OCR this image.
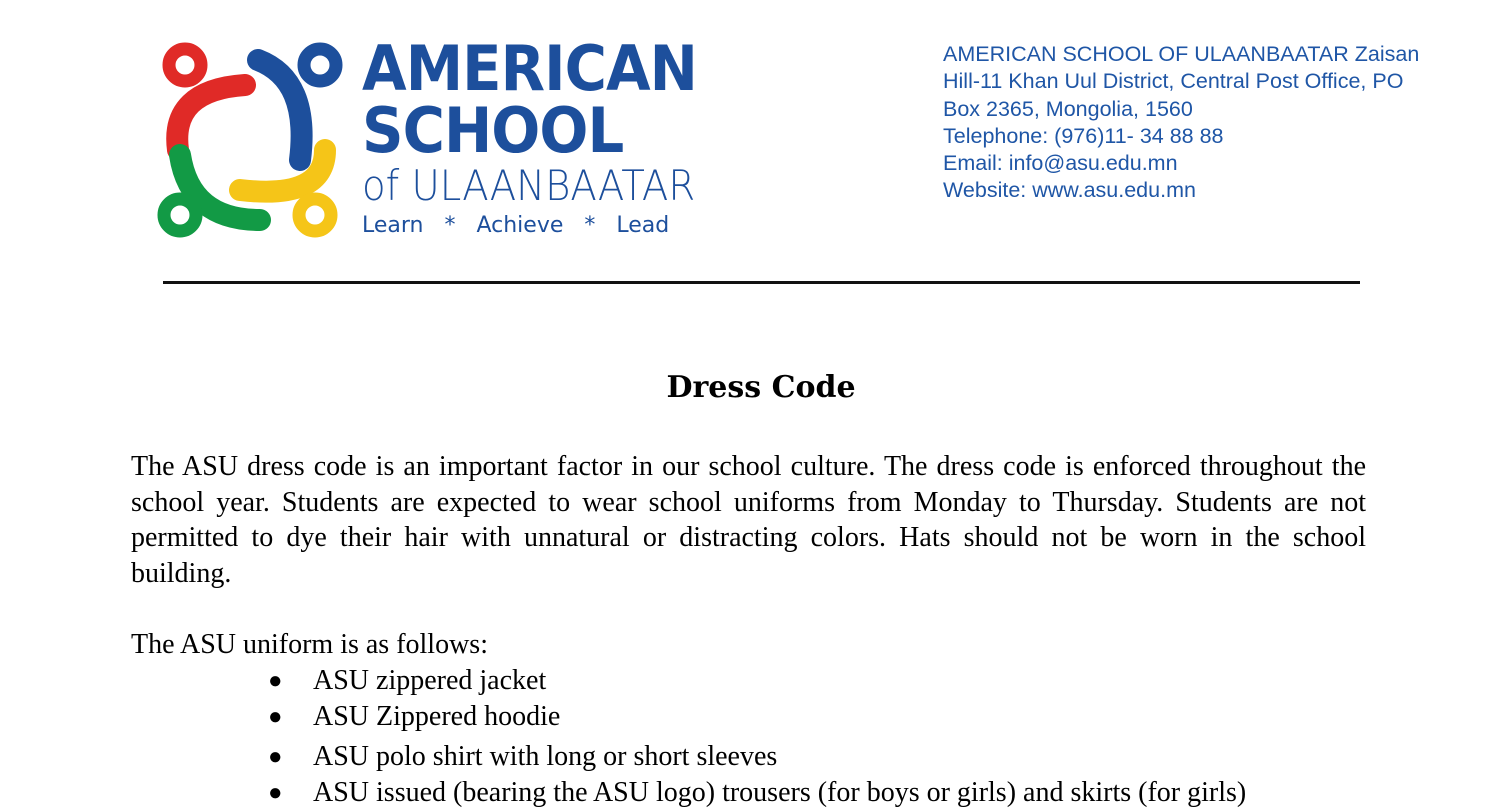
AMERICAN
SCHOOL
of ULAANBAATAR
Learn * Achieve * Lead
AMERICAN SCHOOL OF ULAANBAATAR Zaisan
Hill-11 Khan Uul District, Central Post Office, PO
Box 2365, Mongolia, 1560
Telephone: (976)11- 34 88 88
Email: info@asu.edu.mn
Website: www.asu.edu.mn
Dress Code
The ASU dress code is an important factor in our school culture. The dress code is enforced throughout the school year. Students are expected to wear school uniforms from Monday to Thursday. Students are not permitted to dye their hair with unnatural or distracting colors. Hats should not be worn in the school building.
The ASU uniform is as follows:
● ASU zippered jacket
● ASU Zippered hoodie
● ASU polo shirt with long or short sleeves
● ASU issued (bearing the ASU logo) trousers (for boys or girls) and skirts (for girls)
